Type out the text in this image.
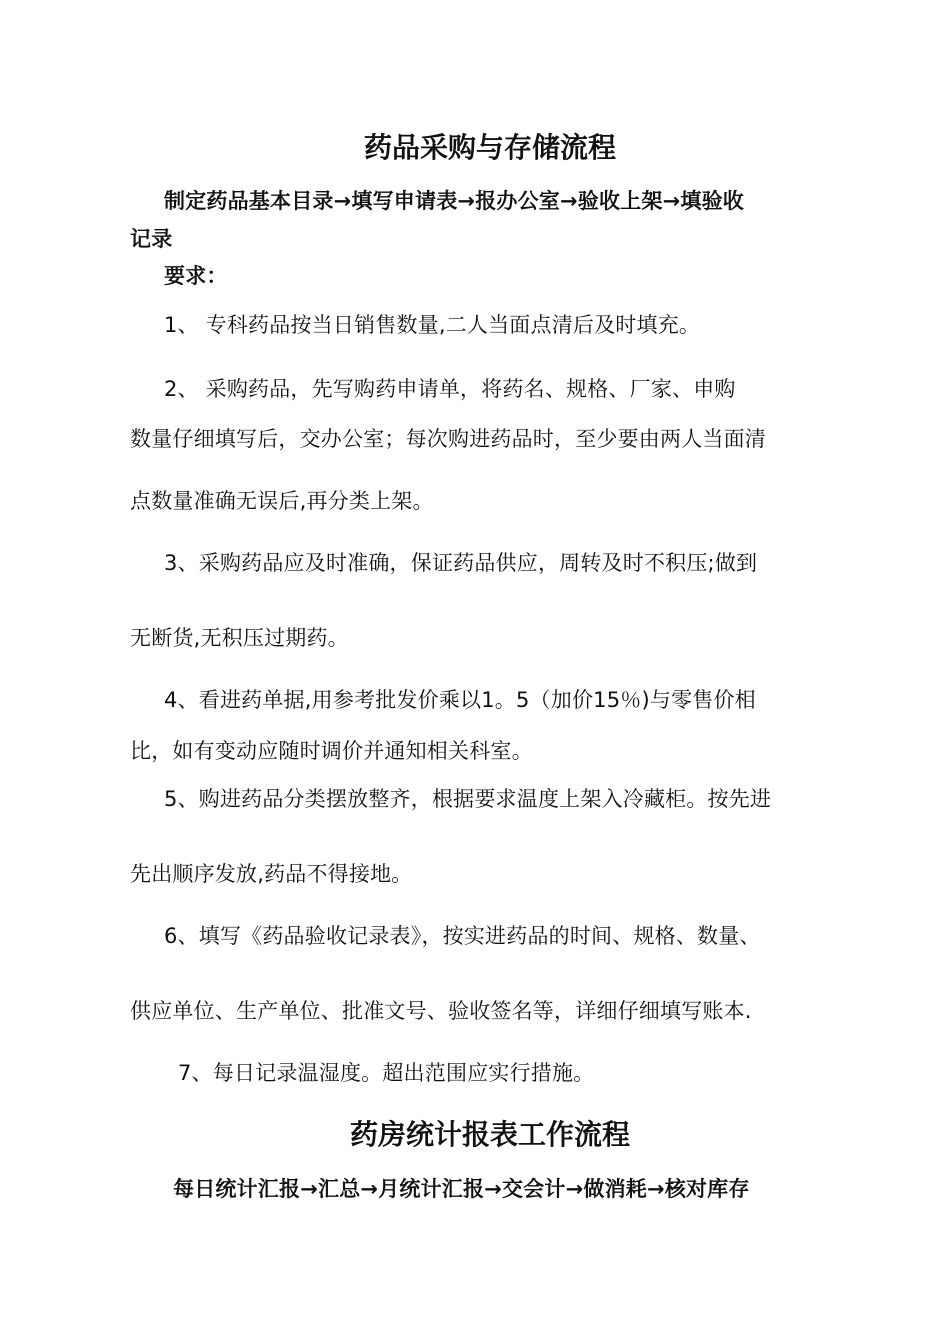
药品采购与存储流程
制定药品基本目录→填写申请表→报办公室→验收上架→填验收
记录
要求：
1、 专科药品按当日销售数量,二人当面点清后及时填充。
2、 采购药品，先写购药申请单，将药名、规格、厂家、申购
数量仔细填写后，交办公室；每次购进药品时，至少要由两人当面清
点数量准确无误后,再分类上架。
3、采购药品应及时准确，保证药品供应，周转及时不积压;做到
无断货,无积压过期药。
4、看进药单据,用参考批发价乘以1。5（加价15％)与零售价相
比，如有变动应随时调价并通知相关科室。
5、购进药品分类摆放整齐，根据要求温度上架入冷藏柜。按先进
先出顺序发放,药品不得接地。
6、填写《药品验收记录表》，按实进药品的时间、规格、数量、
供应单位、生产单位、批准文号、验收签名等，详细仔细填写账本.
7、每日记录温湿度。超出范围应实行措施。
药房统计报表工作流程
每日统计汇报→汇总→月统计汇报→交会计→做消耗→核对库存
